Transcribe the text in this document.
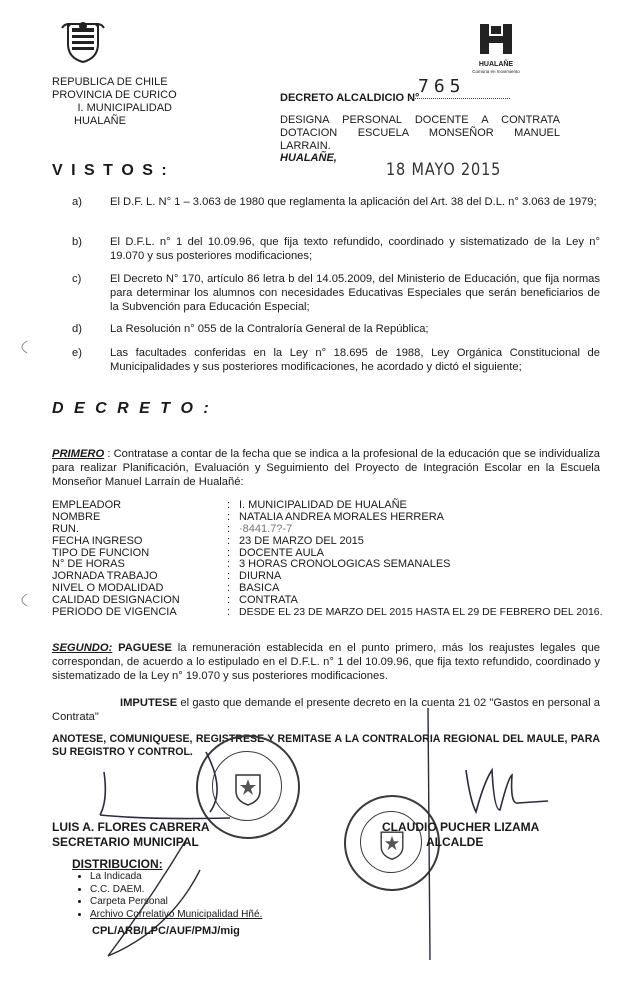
HUALAÑE
Comuna en movimiento
REPUBLICA DE CHILE
PROVINCIA DE CURICO
I. MUNICIPALIDAD
HUALAÑE
DECRETO ALCALDICIO N°
765
DESIGNA PERSONAL DOCENTE A CONTRATA DOTACION ESCUELA MONSEÑOR MANUEL LARRAIN.
HUALAÑE,
18 MAYO 2015
V I S T O S :
a)	El D.F. L. N° 1 – 3.063 de 1980 que reglamenta la aplicación del Art. 38 del D.L. n° 3.063 de 1979;
b)	El D.F.L. n° 1 del 10.09.96, que fija texto refundido, coordinado y sistematizado de la Ley n° 19.070 y sus posteriores modificaciones;
c)	El Decreto N° 170, artículo 86 letra b del 14.05.2009, del Ministerio de Educación, que fija normas para determinar los alumnos con necesidades Educativas Especiales que serán beneficiarios de la Subvención para Educación Especial;
d)	La Resolución n° 055 de la Contraloría General de la República;
e)	Las facultades conferidas en la Ley n° 18.695 de 1988, Ley Orgánica Constitucional de Municipalidades y sus posteriores modificaciones, he acordado y dictó el siguiente;
D E C R E T O :
PRIMERO : Contratase a contar de la fecha que se indica a la profesional de la educación que se individualiza para realizar Planificación, Evaluación y Seguimiento del Proyecto de Integración Escolar en la Escuela Monseñor Manuel Larraín de Hualañé:
EMPLEADOR	: I. MUNICIPALIDAD DE HUALAÑE
NOMBRE	: NATALIA ANDREA MORALES HERRERA
RUN.	: ·8441.7?-7
FECHA INGRESO	: 23 DE MARZO DEL 2015
TIPO DE FUNCION	: DOCENTE AULA
N° DE HORAS	: 3 HORAS CRONOLOGICAS SEMANALES
JORNADA TRABAJO	: DIURNA
NIVEL O MODALIDAD	: BASICA
CALIDAD DESIGNACION	: CONTRATA
PERIODO DE VIGENCIA	: DESDE EL 23 DE MARZO DEL 2015 HASTA EL 29 DE FEBRERO DEL 2016.
SEGUNDO: PAGUESE la remuneración establecida en el punto primero, más los reajustes legales que correspondan, de acuerdo a lo estipulado en el D.F.L. n° 1 del 10.09.96, que fija texto refundido, coordinado y sistematizado de la Ley n° 19.070 y sus posteriores modificaciones.
IMPUTESE el gasto que demande el presente decreto en la cuenta 21 02 "Gastos en personal a Contrata"
ANOTESE, COMUNIQUESE, REGISTRESE Y REMITASE A LA CONTRALORIA REGIONAL DEL MAULE, PARA SU REGISTRO Y CONTROL.
LUIS A. FLORES CABRERA
SECRETARIO MUNICIPAL
CLAUDIO PUCHER LIZAMA
ALCALDE
DISTRIBUCION:
• La Indicada
• C.C. DAEM.
• Carpeta Personal
• Archivo Correlativo Municipalidad Hñé.
CPL/ARB/LPC/AUF/PMJ/mig
